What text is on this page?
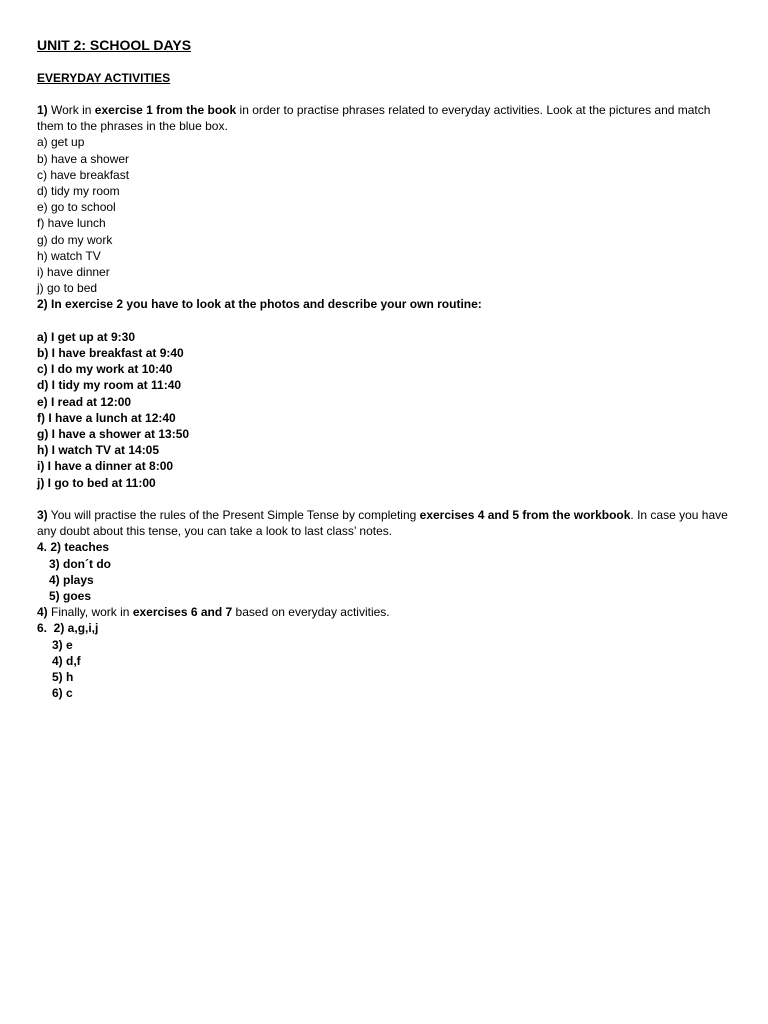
UNIT 2: SCHOOL DAYS
EVERYDAY ACTIVITIES

1) Work in exercise 1 from the book in order to practise phrases related to everyday activities. Look at the pictures and match them to the phrases in the blue box.

a) get up
b) have a shower
c) have breakfast
d) tidy my room
e) go to school
f) have lunch
g) do my work
h) watch TV
i) have dinner
j) go to bed

2) In exercise 2 you have to look at the photos and describe your own routine:

a) I get up at 9:30
b) I have breakfast at 9:40
c) I do my work at 10:40
d) I tidy my room at 11:40
e) I read at 12:00
f) I have a lunch at 12:40
g) I have a shower at 13:50
h) I watch TV at 14:05
i) I have a dinner at 8:00
j) I go to bed at 11:00

3) You will practise the rules of the Present Simple Tense by completing exercises 4 and 5 from the workbook. In case you have any doubt about this tense, you can take a look to last class’ notes.

4. 2) teaches
3) don´t do
4) plays
5) goes

4) Finally, work in exercises 6 and 7 based on everyday activities.

6.  2) a,g,i,j
3) e
4) d,f
5) h
6) c
